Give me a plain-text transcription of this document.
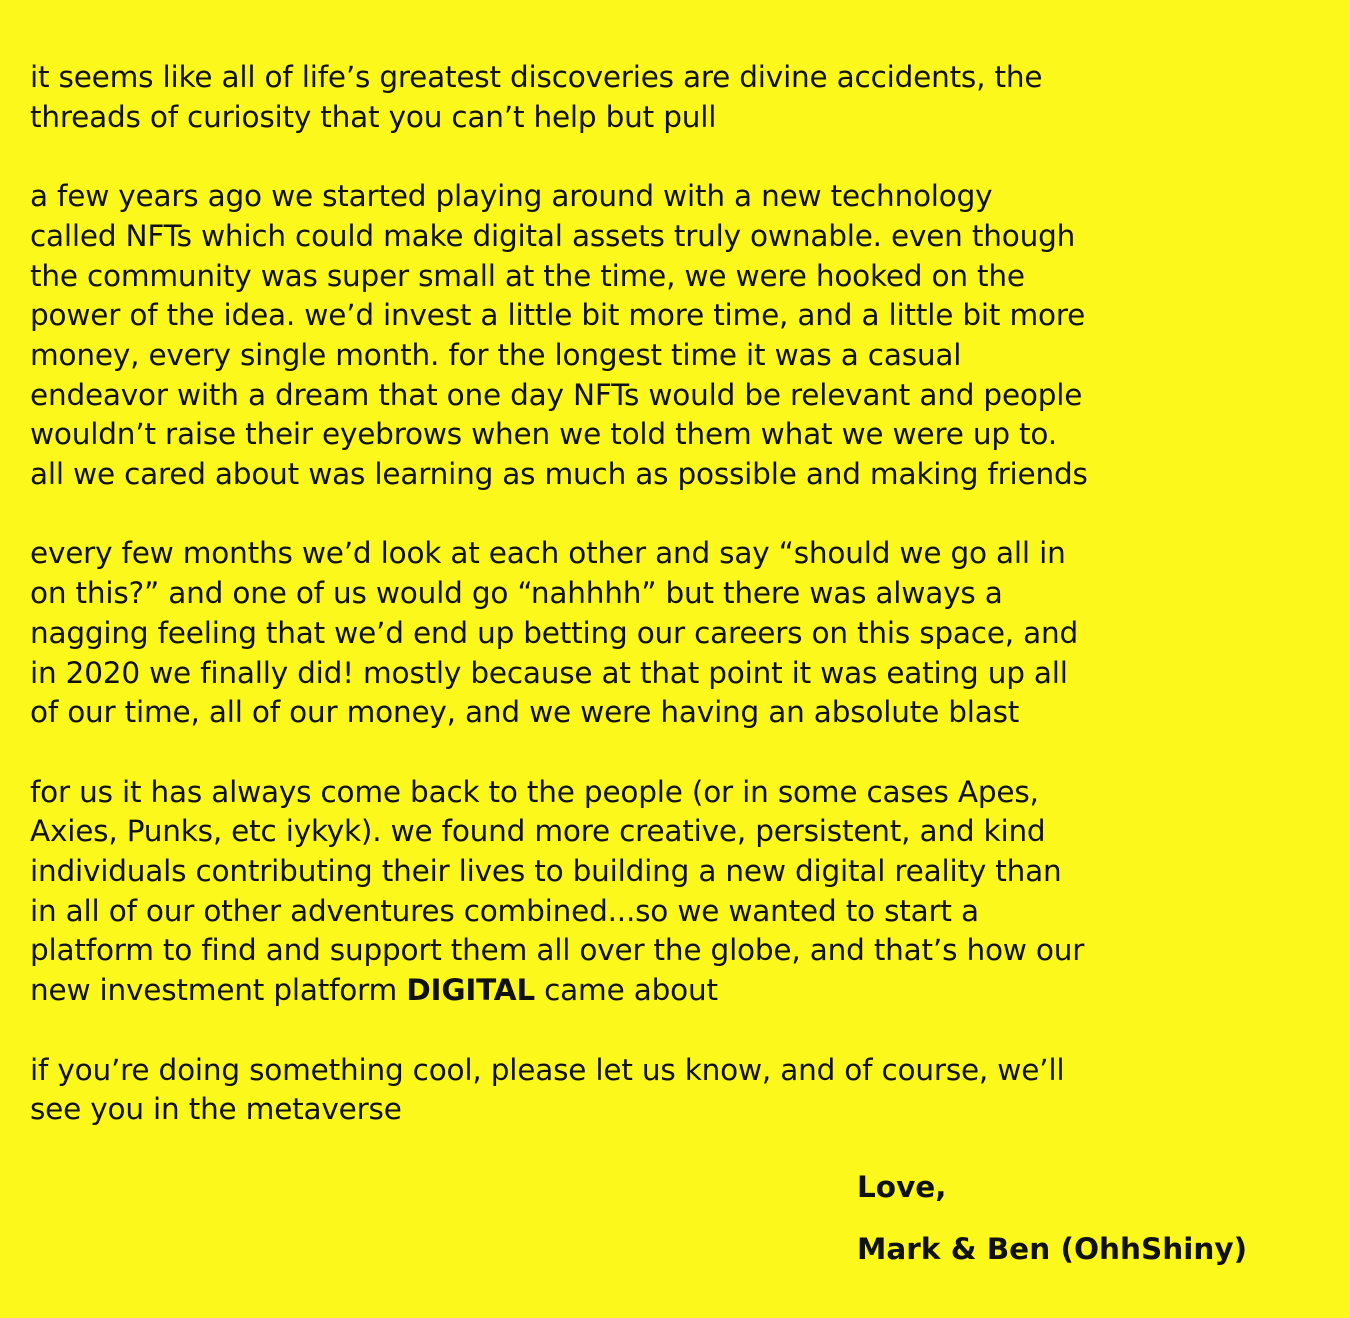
it seems like all of life’s greatest discoveries are divine accidents, the
threads of curiosity that you can’t help but pull

a few years ago we started playing around with a new technology
called NFTs which could make digital assets truly ownable. even though
the community was super small at the time, we were hooked on the
power of the idea. we’d invest a little bit more time, and a little bit more
money, every single month. for the longest time it was a casual
endeavor with a dream that one day NFTs would be relevant and people
wouldn’t raise their eyebrows when we told them what we were up to.
all we cared about was learning as much as possible and making friends

every few months we’d look at each other and say “should we go all in
on this?” and one of us would go “nahhhh” but there was always a
nagging feeling that we’d end up betting our careers on this space, and
in 2020 we finally did! mostly because at that point it was eating up all
of our time, all of our money, and we were having an absolute blast

for us it has always come back to the people (or in some cases Apes,
Axies, Punks, etc iykyk). we found more creative, persistent, and kind
individuals contributing their lives to building a new digital reality than
in all of our other adventures combined...so we wanted to start a
platform to find and support them all over the globe, and that’s how our
new investment platform DIGITAL came about

if you’re doing something cool, please let us know, and of course, we’ll
see you in the metaverse

Love,
Mark & Ben (OhhShiny)
